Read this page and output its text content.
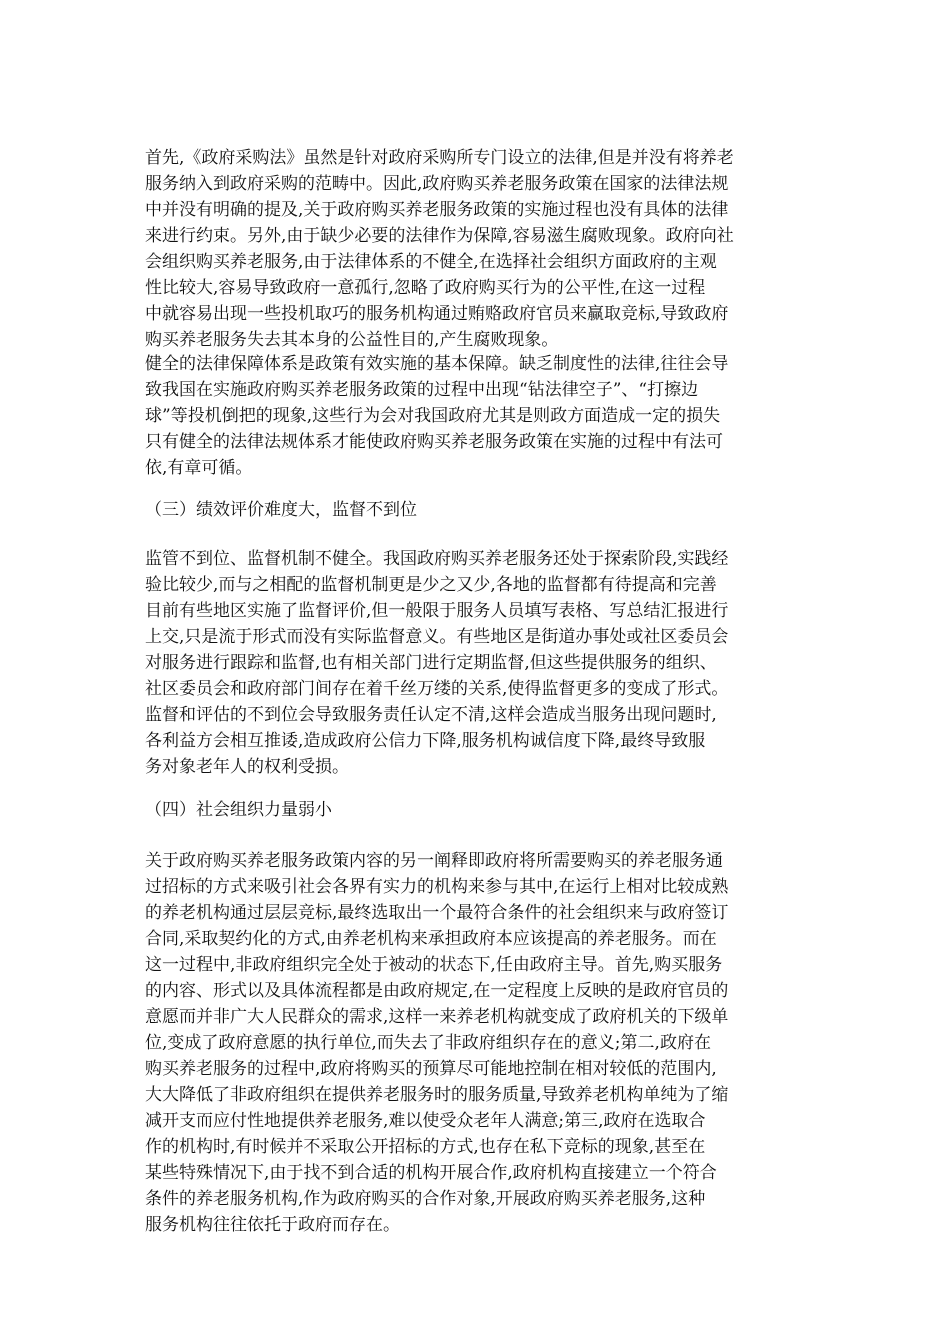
首先,《政府采购法》虽然是针对政府采购所专门设立的法律,但是并没有将养老
服务纳入到政府采购的范畴中。因此,政府购买养老服务政策在国家的法律法规
中并没有明确的提及,关于政府购买养老服务政策的实施过程也没有具体的法律
来进行约束。另外,由于缺少必要的法律作为保障,容易滋生腐败现象。政府向社
会组织购买养老服务,由于法律体系的不健全,在选择社会组织方面政府的主观
性比较大,容易导致政府一意孤行,忽略了政府购买行为的公平性,在这一过程
中就容易出现一些投机取巧的服务机构通过贿赂政府官员来赢取竞标,导致政府
购买养老服务失去其本身的公益性目的,产生腐败现象。
健全的法律保障体系是政策有效实施的基本保障。缺乏制度性的法律,往往会导
致我国在实施政府购买养老服务政策的过程中出现“钻法律空子”、“打擦边
球”等投机倒把的现象,这些行为会对我国政府尤其是则政方面造成一定的损失
只有健全的法律法规体系才能使政府购买养老服务政策在实施的过程中有法可
依,有章可循。
（三）绩效评价难度大，监督不到位
监管不到位、监督机制不健全。我国政府购买养老服务还处于探索阶段,实践经
验比较少,而与之相配的监督机制更是少之又少,各地的监督都有待提高和完善
目前有些地区实施了监督评价,但一般限于服务人员填写表格、写总结汇报进行
上交,只是流于形式而没有实际监督意义。有些地区是街道办事处或社区委员会
对服务进行跟踪和监督,也有相关部门进行定期监督,但这些提供服务的组织、
社区委员会和政府部门间存在着千丝万缕的关系,使得监督更多的变成了形式。
监督和评估的不到位会导致服务责任认定不清,这样会造成当服务出现问题时,
各利益方会相互推诿,造成政府公信力下降,服务机构诚信度下降,最终导致服
务对象老年人的权利受损。
（四）社会组织力量弱小
关于政府购买养老服务政策内容的另一阐释即政府将所需要购买的养老服务通
过招标的方式来吸引社会各界有实力的机构来参与其中,在运行上相对比较成熟
的养老机构通过层层竞标,最终选取出一个最符合条件的社会组织来与政府签订
合同,采取契约化的方式,由养老机构来承担政府本应该提高的养老服务。而在
这一过程中,非政府组织完全处于被动的状态下,任由政府主导。首先,购买服务
的内容、形式以及具体流程都是由政府规定,在一定程度上反映的是政府官员的
意愿而并非广大人民群众的需求,这样一来养老机构就变成了政府机关的下级单
位,变成了政府意愿的执行单位,而失去了非政府组织存在的意义;第二,政府在
购买养老服务的过程中,政府将购买的预算尽可能地控制在相对较低的范围内,
大大降低了非政府组织在提供养老服务时的服务质量,导致养老机构单纯为了缩
减开支而应付性地提供养老服务,难以使受众老年人满意;第三,政府在选取合
作的机构时,有时候并不采取公开招标的方式,也存在私下竞标的现象,甚至在
某些特殊情况下,由于找不到合适的机构开展合作,政府机构直接建立一个符合
条件的养老服务机构,作为政府购买的合作对象,开展政府购买养老服务,这种
服务机构往往依托于政府而存在。
